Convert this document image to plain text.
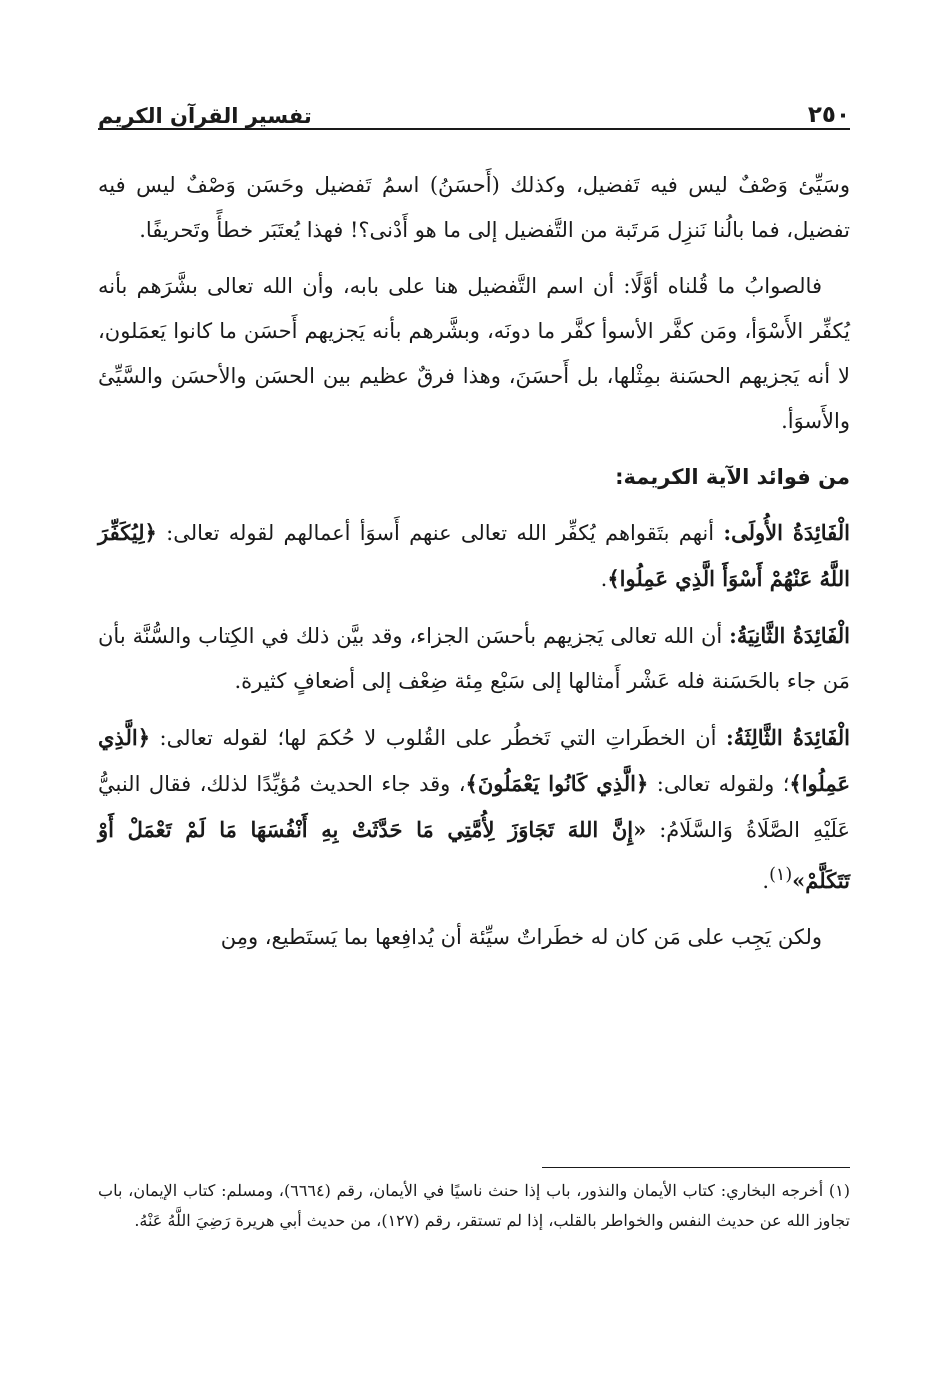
٢٥٠
تفسير القرآن الكريم

وسَيِّئ وَصْفٌ ليس فيه تَفضيل، وكذلك (أَحسَنُ) اسمُ تَفضيل وحَسَن وَصْفٌ ليس فيه تفضيل، فما بالُنا نَنزِل مَرتَبة من التَّفضيل إلى ما هو أَدْنى؟! فهذا يُعتَبَر خطأً وتَحريفًا.

فالصوابُ ما قُلناه أوَّلًا: أن اسم التَّفضيل هنا على بابه، وأن الله تعالى بشَّرَهم بأنه يُكفِّر الأَسْوَأ، ومَن كفَّر الأسوأ كفَّر ما دونَه، وبشَّرهم بأنه يَجزيهم أَحسَن ما كانوا يَعمَلون، لا أنه يَجزيهم الحسَنة بمِثْلها، بل أَحسَنَ، وهذا فرقٌ عظيم بين الحسَن والأحسَن والسَّيِّئ والأَسوَأ.

من فوائد الآية الكريمة:

الْفَائِدَةُ الأُولَى: أنهم بتَقواهم يُكفِّر الله تعالى عنهم أَسوَأ أعمالهم لقوله تعالى: ﴿لِيُكَفِّرَ اللَّهُ عَنْهُمْ أَسْوَأَ الَّذِي عَمِلُوا﴾.

الْفَائِدَةُ الثَّانِيَةُ: أن الله تعالى يَجزيهم بأحسَن الجزاء، وقد بيَّن ذلك في الكِتاب والسُّنَّة بأن مَن جاء بالحَسَنة فله عَشْر أَمثالها إلى سَبْع مِئة ضِعْف إلى أضعافٍ كثيرة.

الْفَائِدَةُ الثَّالِثَةُ: أن الخطَراتِ التي تَخطُر على القُلوب لا حُكمَ لها؛ لقوله تعالى: ﴿الَّذِي عَمِلُوا﴾؛ ولقوله تعالى: ﴿الَّذِي كَانُوا يَعْمَلُونَ﴾، وقد جاء الحديث مُؤيِّدًا لذلك، فقال النبيُّ عَلَيْهِ الصَّلَاةُ وَالسَّلَامُ: «إِنَّ اللهَ تَجَاوَزَ لِأُمَّتِي مَا حَدَّثَتْ بِهِ أَنْفُسَهَا مَا لَمْ تَعْمَلْ أَوْ تَتَكَلَّمْ»$^{(١)}$.

ولكن يَجِب على مَن كان له خطَراتٌ سيِّئة أن يُدافِعها بما يَستَطيع، ومِن

(١) أخرجه البخاري: كتاب الأيمان والنذور، باب إذا حنث ناسيًا في الأيمان، رقم (٦٦٦٤)، ومسلم: كتاب الإيمان، باب تجاوز الله عن حديث النفس والخواطر بالقلب، إذا لم تستقر، رقم (١٢٧)، من حديث أبي هريرة رَضِيَ اللَّهُ عَنْهُ.
